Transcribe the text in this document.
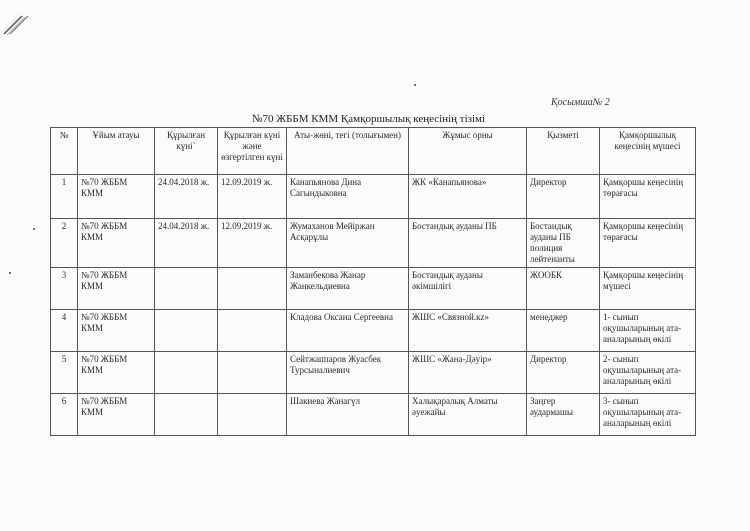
Қосымша№ 2
№70 ЖББМ КММ Қамқоршылық кеңесінің тізімі
№	Ұйым атауы	Құрылған күні`	Құрылған күні және өзгертілген күні	Аты-жөні, тегі (толығымен)	Жұмыс орны	Қызметі	Қамқоршылық кеңесінің мүшесі
1	№70 ЖББМ КММ	24.04.2018 ж.	12.09.2019 ж.	Канапьянова Дина Сагындыковна	ЖК «Канапьянова»	Директор	Қамқоршы кеңесінің төрағасы
2	№70 ЖББМ КММ	24.04.2018 ж.	12.09.2019 ж.	Жумаханов Мейіржан Асқарұлы	Бостандық ауданы ПБ	Бостандық ауданы ПБ полиция лейтенанты	Қамқоршы кеңесінің төрағасы
3	№70 ЖББМ КММ			Заманбекова Жанар Жанкельдиевна	Бостандық ауданы әкімшілігі	ЖООБК	Қамқоршы кеңесінің мүшесі
4	№70 ЖББМ КММ			Кладова Оксана Сергеевна	ЖШС «Связной.кz»	менеджер	1- сынып оқушыларының ата-аналарының өкілі
5	№70 ЖББМ КММ			Сейтжаппаров Жуасбек Турсыналиевич	ЖШС «Жана-Дәуір»	Директор	2- сынып оқушыларының ата-аналарының өкілі
6	№70 ЖББМ КММ			Шакиева Жанагүл	Халықаралық Алматы әуежайы	Заңгер аудармашы	3- сынып оқушыларының ата-аналарының өкілі
